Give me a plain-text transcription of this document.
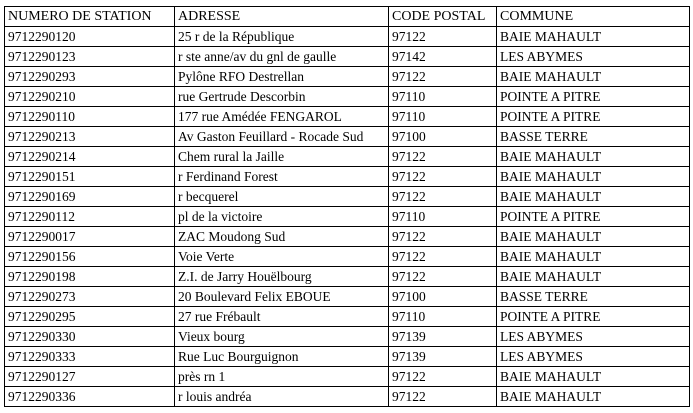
NUMERO DE STATION	ADRESSE	CODE POSTAL	COMMUNE
9712290120	25 r de la République	97122	BAIE MAHAULT
9712290123	r ste anne/av du gnl de gaulle	97142	LES ABYMES
9712290293	Pylône RFO Destrellan	97122	BAIE MAHAULT
9712290210	rue Gertrude Descorbin	97110	POINTE A PITRE
9712290110	177 rue Amédée FENGAROL	97110	POINTE A PITRE
9712290213	Av Gaston Feuillard - Rocade Sud	97100	BASSE TERRE
9712290214	Chem rural la Jaille	97122	BAIE MAHAULT
9712290151	r Ferdinand Forest	97122	BAIE MAHAULT
9712290169	r becquerel	97122	BAIE MAHAULT
9712290112	pl de la victoire	97110	POINTE A PITRE
9712290017	ZAC Moudong Sud	97122	BAIE MAHAULT
9712290156	Voie Verte	97122	BAIE MAHAULT
9712290198	Z.I. de Jarry Houëlbourg	97122	BAIE MAHAULT
9712290273	20 Boulevard Felix EBOUE	97100	BASSE TERRE
9712290295	27 rue Frébault	97110	POINTE A PITRE
9712290330	Vieux bourg	97139	LES ABYMES
9712290333	Rue Luc Bourguignon	97139	LES ABYMES
9712290127	près rn 1	97122	BAIE MAHAULT
9712290336	r louis andréa	97122	BAIE MAHAULT
